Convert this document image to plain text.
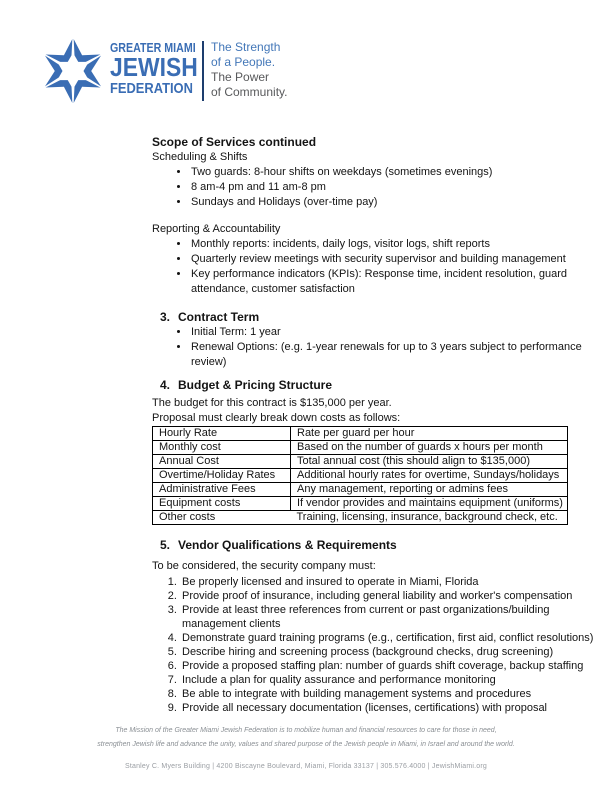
GREATER MIAMI
JEWISH
FEDERATION
The Strength
of a People.
The Power
of Community.
Scope of Services continued
Scheduling & Shifts
• Two guards: 8-hour shifts on weekdays (sometimes evenings)
• 8 am-4 pm and 11 am-8 pm
• Sundays and Holidays (over-time pay)
Reporting & Accountability
• Monthly reports: incidents, daily logs, visitor logs, shift reports
• Quarterly review meetings with security supervisor and building management
• Key performance indicators (KPIs): Response time, incident resolution, guard attendance, customer satisfaction
3. Contract Term
• Initial Term: 1 year
• Renewal Options: (e.g. 1-year renewals for up to 3 years subject to performance review)
4. Budget & Pricing Structure
The budget for this contract is $135,000 per year.
Proposal must clearly break down costs as follows:
Hourly Rate	Rate per guard per hour
Monthly cost	Based on the number of guards x hours per month
Annual Cost	Total annual cost (this should align to $135,000)
Overtime/Holiday Rates	Additional hourly rates for overtime, Sundays/holidays
Administrative Fees	Any management, reporting or admins fees
Equipment costs	If vendor provides and maintains equipment (uniforms)
Other costs	Training, licensing, insurance, background check, etc.
5. Vendor Qualifications & Requirements
To be considered, the security company must:
1. Be properly licensed and insured to operate in Miami, Florida
2. Provide proof of insurance, including general liability and worker's compensation
3. Provide at least three references from current or past organizations/building management clients
4. Demonstrate guard training programs (e.g., certification, first aid, conflict resolutions)
5. Describe hiring and screening process (background checks, drug screening)
6. Provide a proposed staffing plan: number of guards shift coverage, backup staffing
7. Include a plan for quality assurance and performance monitoring
8. Be able to integrate with building management systems and procedures
9. Provide all necessary documentation (licenses, certifications) with proposal
The Mission of the Greater Miami Jewish Federation is to mobilize human and financial resources to care for those in need,
strengthen Jewish life and advance the unity, values and shared purpose of the Jewish people in Miami, in Israel and around the world.
Stanley C. Myers Building | 4200 Biscayne Boulevard, Miami, Florida 33137 | 305.576.4000 | JewishMiami.org
